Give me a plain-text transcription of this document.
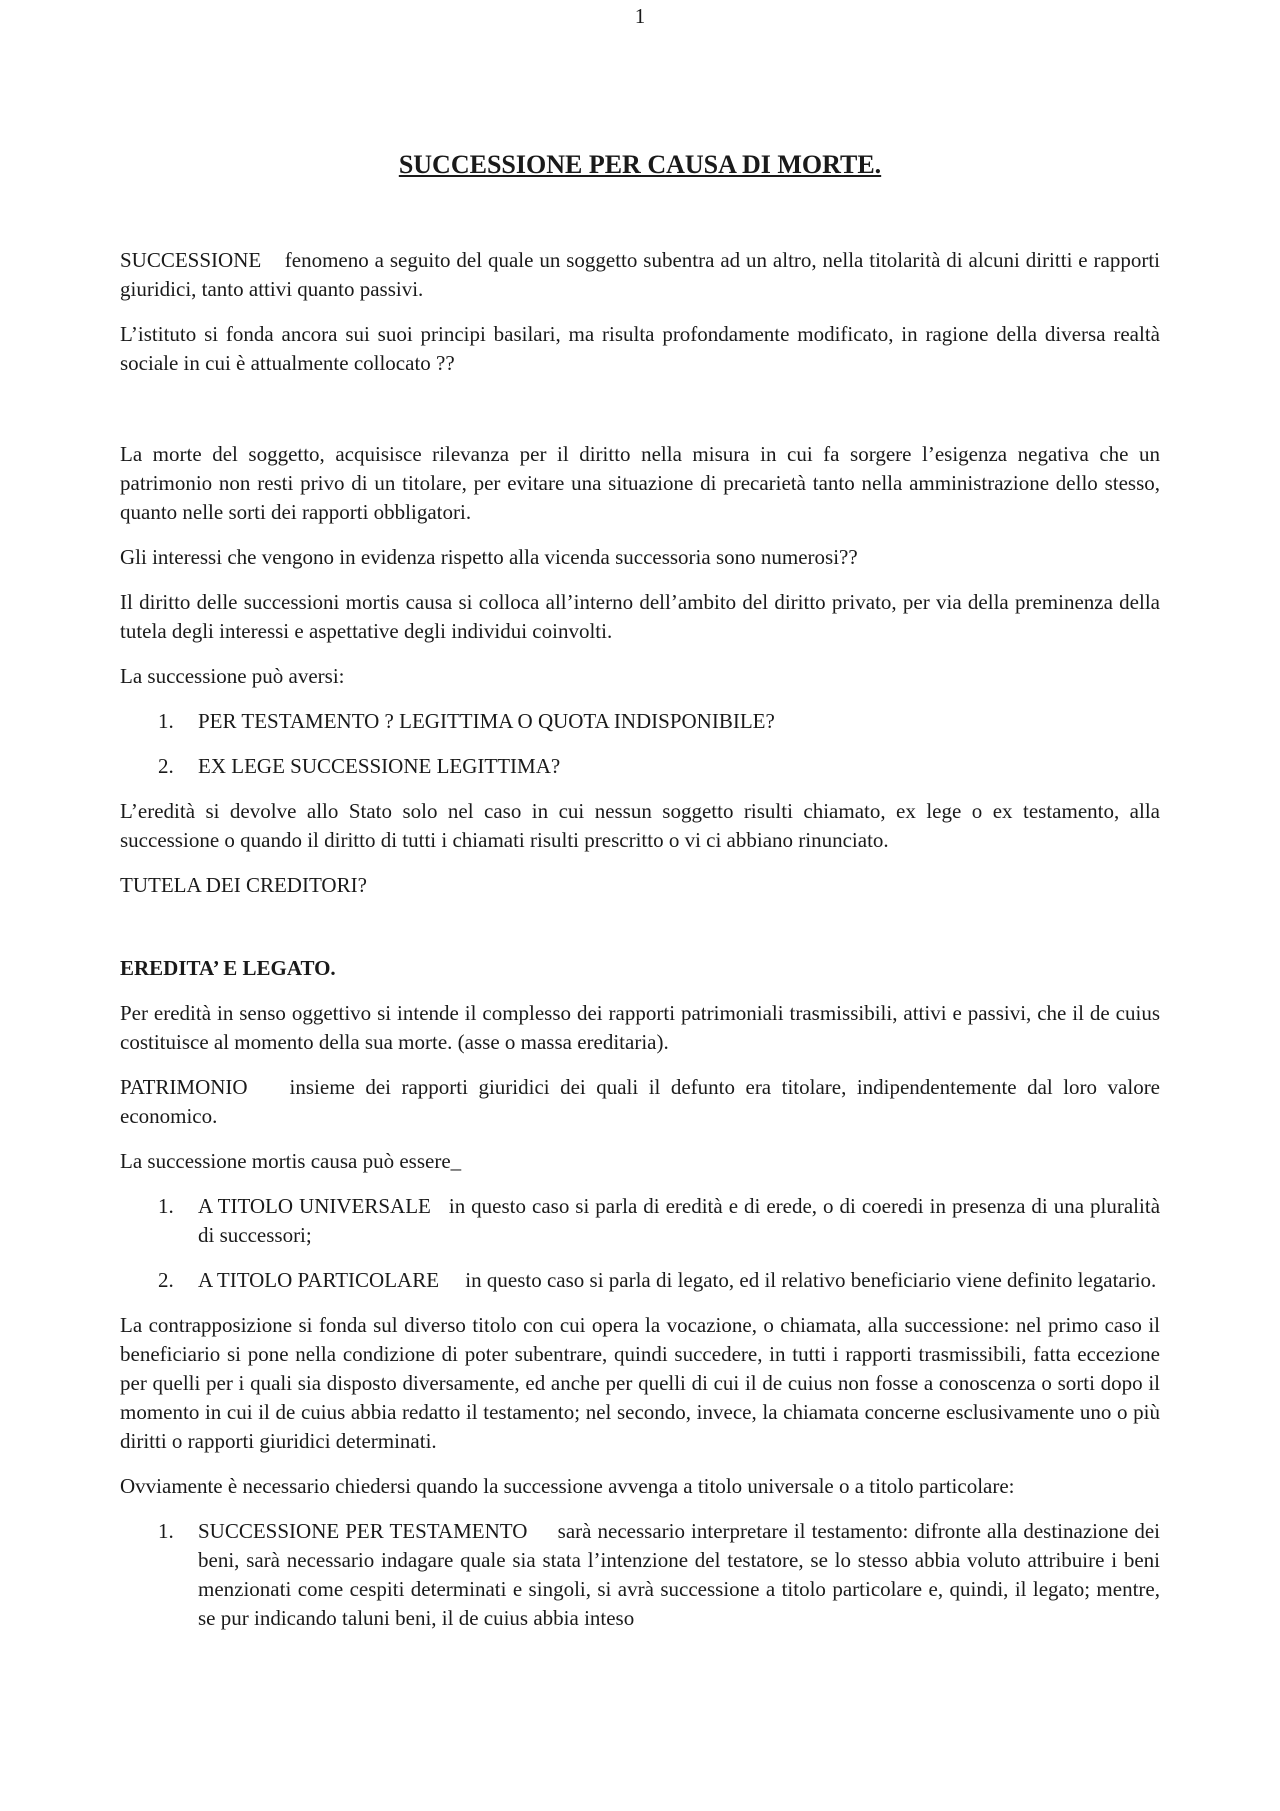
1
SUCCESSIONE PER CAUSA DI MORTE.

SUCCESSIONE fenomeno a seguito del quale un soggetto subentra ad un altro, nella titolarità di alcuni diritti e rapporti giuridici, tanto attivi quanto passivi.

L’istituto si fonda ancora sui suoi principi basilari, ma risulta profondamente modificato, in ragione della diversa realtà sociale in cui è attualmente collocato ??

La morte del soggetto, acquisisce rilevanza per il diritto nella misura in cui fa sorgere l’esigenza negativa che un patrimonio non resti privo di un titolare, per evitare una situazione di precarietà tanto nella amministrazione dello stesso, quanto nelle sorti dei rapporti obbligatori.

Gli interessi che vengono in evidenza rispetto alla vicenda successoria sono numerosi??

Il diritto delle successioni mortis causa si colloca all’interno dell’ambito del diritto privato, per via della preminenza della tutela degli interessi e aspettative degli individui coinvolti.

La successione può aversi:

1. PER TESTAMENTO ? LEGITTIMA O QUOTA INDISPONIBILE?
2. EX LEGE SUCCESSIONE LEGITTIMA?

L’eredità si devolve allo Stato solo nel caso in cui nessun soggetto risulti chiamato, ex lege o ex testamento, alla successione o quando il diritto di tutti i chiamati risulti prescritto o vi ci abbiano rinunciato.

TUTELA DEI CREDITORI?

EREDITA’ E LEGATO.

Per eredità in senso oggettivo si intende il complesso dei rapporti patrimoniali trasmissibili, attivi e passivi, che il de cuius costituisce al momento della sua morte. (asse o massa ereditaria).

PATRIMONIO insieme dei rapporti giuridici dei quali il defunto era titolare, indipendentemente dal loro valore economico.

La successione mortis causa può essere_

1. A TITOLO UNIVERSALE in questo caso si parla di eredità e di erede, o di coeredi in presenza di una pluralità di successori;
2. A TITOLO PARTICOLARE in questo caso si parla di legato, ed il relativo beneficiario viene definito legatario.

La contrapposizione si fonda sul diverso titolo con cui opera la vocazione, o chiamata, alla successione: nel primo caso il beneficiario si pone nella condizione di poter subentrare, quindi succedere, in tutti i rapporti trasmissibili, fatta eccezione per quelli per i quali sia disposto diversamente, ed anche per quelli di cui il de cuius non fosse a conoscenza o sorti dopo il momento in cui il de cuius abbia redatto il testamento; nel secondo, invece, la chiamata concerne esclusivamente uno o più diritti o rapporti giuridici determinati.

Ovviamente è necessario chiedersi quando la successione avvenga a titolo universale o a titolo particolare:

1. SUCCESSIONE PER TESTAMENTO sarà necessario interpretare il testamento: difronte alla destinazione dei beni, sarà necessario indagare quale sia stata l’intenzione del testatore, se lo stesso abbia voluto attribuire i beni menzionati come cespiti determinati e singoli, si avrà successione a titolo particolare e, quindi, il legato; mentre, se pur indicando taluni beni, il de cuius abbia inteso
